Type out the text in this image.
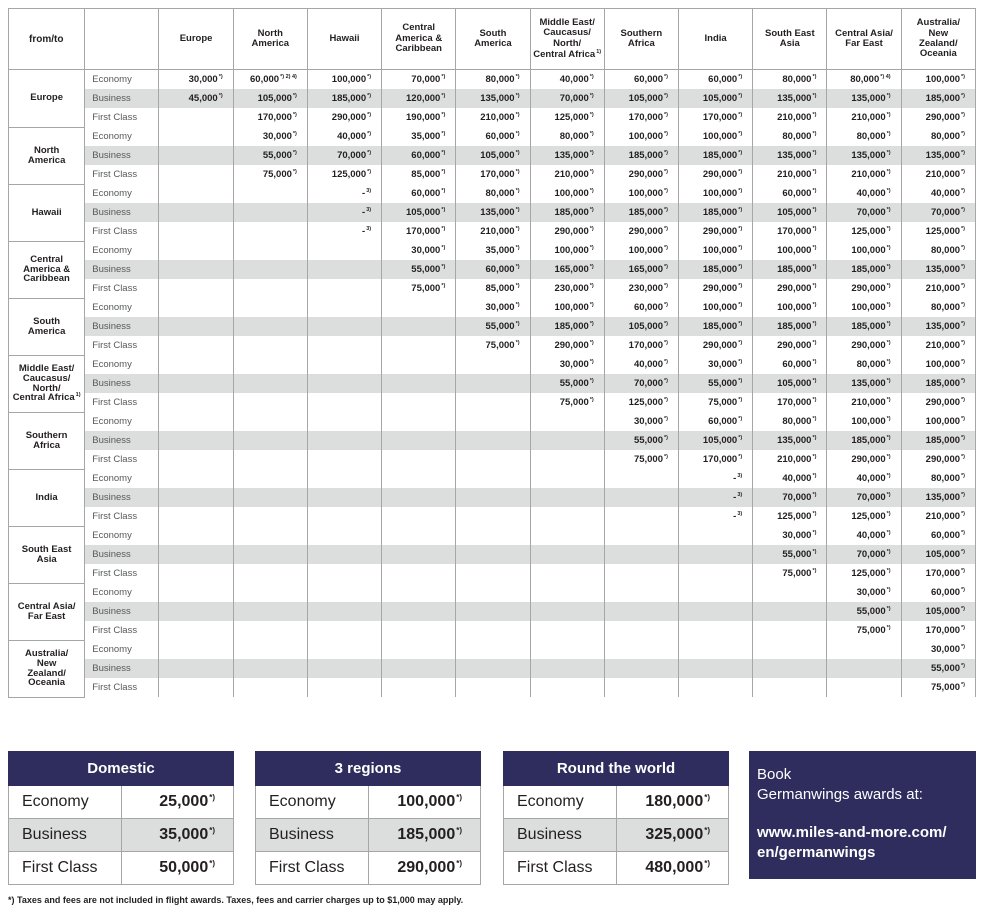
from/to		Europe	North
America	Hawaii	Central
America &
Caribbean	South
America	Middle East/
Caucasus/
North/
Central Africa$^{1)}$	Southern
Africa	India	South East
Asia	Central Asia/
Far East	Australia/
New
Zealand/
Oceania
Europe	Economy	30,000*)	$60,000^{*) 2) 4)}$	100,000*)	70,000*)	80,000*)	40,000*)	60,000*)	60,000*)	80,000*)	$80,000^{*) 4)}$	100,000*)
	Business	45,000*)	105,000*)	185,000*)	120,000*)	135,000*)	70,000*)	105,000*)	105,000*)	135,000*)	135,000*)	185,000*)
	First Class		170,000*)	290,000*)	190,000*)	210,000*)	125,000*)	170,000*)	170,000*)	210,000*)	210,000*)	290,000*)
North
America	Economy		30,000*)	40,000*)	35,000*)	60,000*)	80,000*)	100,000*)	100,000*)	80,000*)	80,000*)	80,000*)
	Business		55,000*)	70,000*)	60,000*)	105,000*)	135,000*)	185,000*)	185,000*)	135,000*)	135,000*)	135,000*)
	First Class		75,000*)	125,000*)	85,000*)	170,000*)	210,000*)	290,000*)	290,000*)	210,000*)	210,000*)	210,000*)
Hawaii	Economy			-$^{3)}$	60,000*)	80,000*)	100,000*)	100,000*)	100,000*)	60,000*)	40,000*)	40,000*)
	Business			-$^{3)}$	105,000*)	135,000*)	185,000*)	185,000*)	185,000*)	105,000*)	70,000*)	70,000*)
	First Class			-$^{3)}$	170,000*)	210,000*)	290,000*)	290,000*)	290,000*)	170,000*)	125,000*)	125,000*)
Central
America &
Caribbean	Economy				30,000*)	35,000*)	100,000*)	100,000*)	100,000*)	100,000*)	100,000*)	80,000*)
	Business				55,000*)	60,000*)	165,000*)	165,000*)	185,000*)	185,000*)	185,000*)	135,000*)
	First Class				75,000*)	85,000*)	230,000*)	230,000*)	290,000*)	290,000*)	290,000*)	210,000*)
South
America	Economy					30,000*)	100,000*)	60,000*)	100,000*)	100,000*)	100,000*)	80,000*)
	Business					55,000*)	185,000*)	105,000*)	185,000*)	185,000*)	185,000*)	135,000*)
	First Class					75,000*)	290,000*)	170,000*)	290,000*)	290,000*)	290,000*)	210,000*)
Middle East/
Caucasus/
North/
Central Africa$^{1)}$	Economy						30,000*)	40,000*)	30,000*)	60,000*)	80,000*)	100,000*)
	Business						55,000*)	70,000*)	55,000*)	105,000*)	135,000*)	185,000*)
	First Class						75,000*)	125,000*)	75,000*)	170,000*)	210,000*)	290,000*)
Southern
Africa	Economy							30,000*)	60,000*)	80,000*)	100,000*)	100,000*)
	Business							55,000*)	105,000*)	135,000*)	185,000*)	185,000*)
	First Class							75,000*)	170,000*)	210,000*)	290,000*)	290,000*)
India	Economy								-$^{3)}$	40,000*)	40,000*)	80,000*)
	Business								-$^{3)}$	70,000*)	70,000*)	135,000*)
	First Class								-$^{3)}$	125,000*)	125,000*)	210,000*)
South East
Asia	Economy									30,000*)	40,000*)	60,000*)
	Business									55,000*)	70,000*)	105,000*)
	First Class									75,000*)	125,000*)	170,000*)
Central Asia/
Far East	Economy										30,000*)	60,000*)
	Business										55,000*)	105,000*)
	First Class										75,000*)	170,000*)
Australia/
New
Zealand/
Oceania	Economy											30,000*)
	Business											55,000*)
	First Class											75,000*)
Domestic	
Economy	25,000*)
Business	35,000*)
First Class	50,000*)
3 regions	
Economy	100,000*)
Business	185,000*)
First Class	290,000*)
Round the world	
Economy	180,000*)
Business	325,000*)
First Class	480,000*)
Book
Germanwings awards at:
www.miles-and-more.com/
en/germanwings
*) Taxes and fees are not included in flight awards. Taxes, fees and carrier charges up to $1,000 may apply.
